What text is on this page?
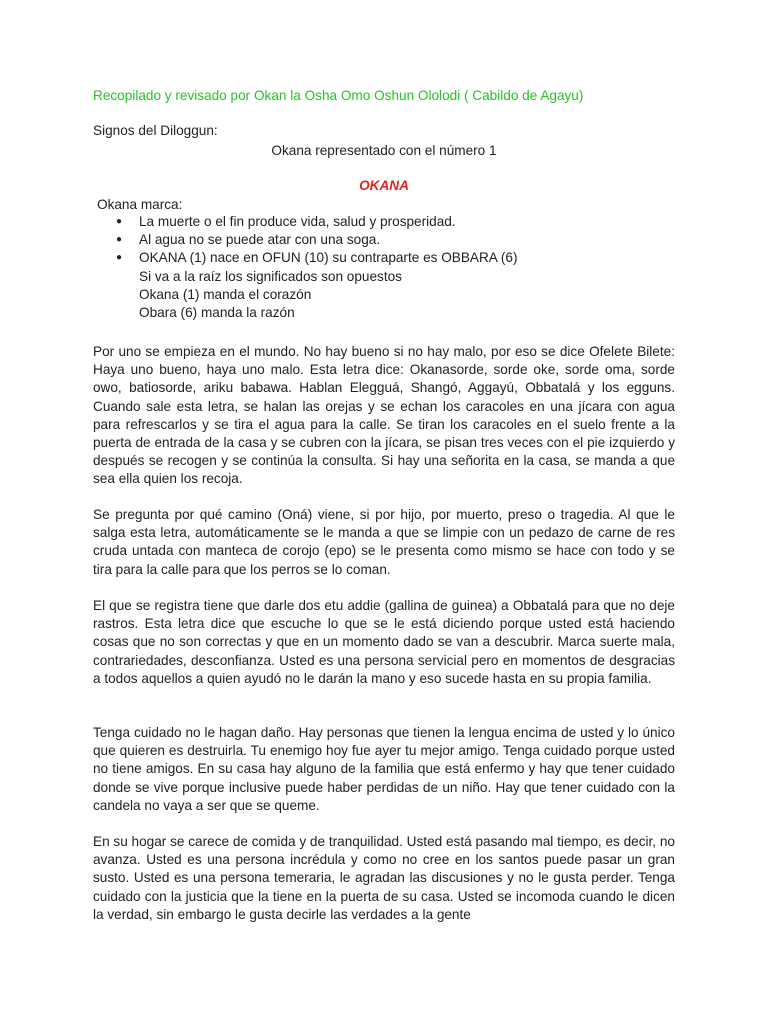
Recopilado y revisado por Okan la Osha Omo Oshun Ololodi ( Cabildo de Agayu)
Signos del Diloggun:
Okana representado con el número 1
OKANA
Okana marca:
● La muerte o el fin produce vida, salud y prosperidad.
● Al agua no se puede atar con una soga.
● OKANA (1) nace en OFUN (10) su contraparte es OBBARA (6)
Si va a la raíz los significados son opuestos
Okana (1) manda el corazón
Obara (6) manda la razón

Por uno se empieza en el mundo. No hay bueno si no hay malo, por eso se dice Ofelete Bilete: Haya uno bueno, haya uno malo. Esta letra dice: Okanasorde, sorde oke, sorde oma, sorde owo, batiosorde, ariku babawa. Hablan Elegguá, Shangó, Aggayú, Obbatalá y los egguns. Cuando sale esta letra, se halan las orejas y se echan los caracoles en una jícara con agua para refrescarlos y se tira el agua para la calle. Se tiran los caracoles en el suelo frente a la puerta de entrada de la casa y se cubren con la jícara, se pisan tres veces con el pie izquierdo y después se recogen y se continúa la consulta. Si hay una señorita en la casa, se manda a que sea ella quien los recoja.

Se pregunta por qué camino (Oná) viene, si por hijo, por muerto, preso o tragedia. Al que le salga esta letra, automáticamente se le manda a que se limpie con un pedazo de carne de res cruda untada con manteca de corojo (epo) se le presenta como mismo se hace con todo y se tira para la calle para que los perros se lo coman.

El que se registra tiene que darle dos etu addie (gallina de guinea) a Obbatalá para que no deje rastros. Esta letra dice que escuche lo que se le está diciendo porque usted está haciendo cosas que no son correctas y que en un momento dado se van a descubrir. Marca suerte mala, contrariedades, desconfianza. Usted es una persona servicial pero en momentos de desgracias a todos aquellos a quien ayudó no le darán la mano y eso sucede hasta en su propia familia.

Tenga cuidado no le hagan daño. Hay personas que tienen la lengua encima de usted y lo único que quieren es destruirla. Tu enemigo hoy fue ayer tu mejor amigo. Tenga cuidado porque usted no tiene amigos. En su casa hay alguno de la familia que está enfermo y hay que tener cuidado donde se vive porque inclusive puede haber perdidas de un niño. Hay que tener cuidado con la candela no vaya a ser que se queme.

En su hogar se carece de comida y de tranquilidad. Usted está pasando mal tiempo, es decir, no avanza. Usted es una persona incrédula y como no cree en los santos puede pasar un gran susto. Usted es una persona temeraria, le agradan las discusiones y no le gusta perder. Tenga cuidado con la justicia que la tiene en la puerta de su casa. Usted se incomoda cuando le dicen la verdad, sin embargo le gusta decirle las verdades a la gente
